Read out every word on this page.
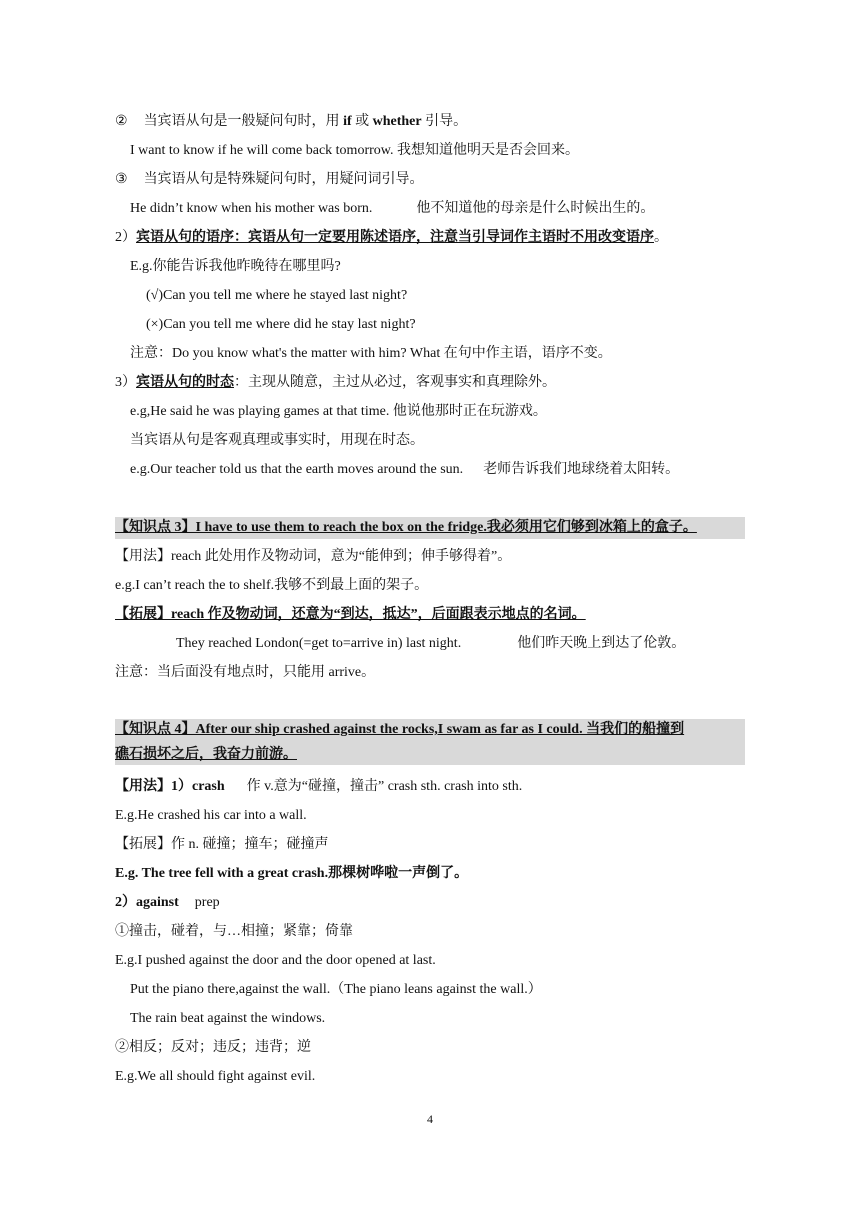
② 当宾语从句是一般疑问句时，用 if 或 whether 引导。
I want to know if he will come back tomorrow. 我想知道他明天是否会回来。
③ 当宾语从句是特殊疑问句时，用疑问词引导。
He didn’t know when his mother was born.	他不知道他的母亲是什么时候出生的。
2）宾语从句的语序：宾语从句一定要用陈述语序，注意当引导词作主语时不用改变语序。
E.g.你能告诉我他昨晚待在哪里吗?
(√)Can you tell me where he stayed last night?
(×)Can you tell me where did he stay last night?
注意：Do you know what's the matter with him? What 在句中作主语，语序不变。
3）宾语从句的时态：主现从随意，主过从必过，客观事实和真理除外。
e.g,He said he was playing games at that time. 他说他那时正在玩游戏。
当宾语从句是客观真理或事实时，用现在时态。
e.g.Our teacher told us that the earth moves around the sun. 老师告诉我们地球绕着太阳转。
【知识点 3】I have to use them to reach the box on the fridge.我必须用它们够到冰箱上的盒子。
【用法】reach 此处用作及物动词，意为“能伸到；伸手够得着”。
e.g.I can’t reach the to shelf.我够不到最上面的架子。
【拓展】reach 作及物动词，还意为“到达，抵达”，后面跟表示地点的名词。
They reached London(=get to=arrive in) last night.	他们昨天晚上到达了伦敦。
注意：当后面没有地点时，只能用 arrive。
【知识点 4】After our ship crashed against the rocks,I swam as far as I could. 当我们的船撞到
礁石损坏之后，我奋力前游。
【用法】1）crash 作 v.意为“碰撞，撞击” crash sth. crash into sth.
E.g.He crashed his car into a wall.
【拓展】作 n. 碰撞；撞车；碰撞声
E.g. The tree fell with a great crash.那棵树哗啦一声倒了。
2）against prep
①撞击，碰着，与…相撞；紧靠；倚靠
E.g.I pushed against the door and the door opened at last.
Put the piano there,against the wall.（The piano leans against the wall.）
The rain beat against the windows.
②相反；反对；违反；违背；逆
E.g.We all should fight against evil.
4
